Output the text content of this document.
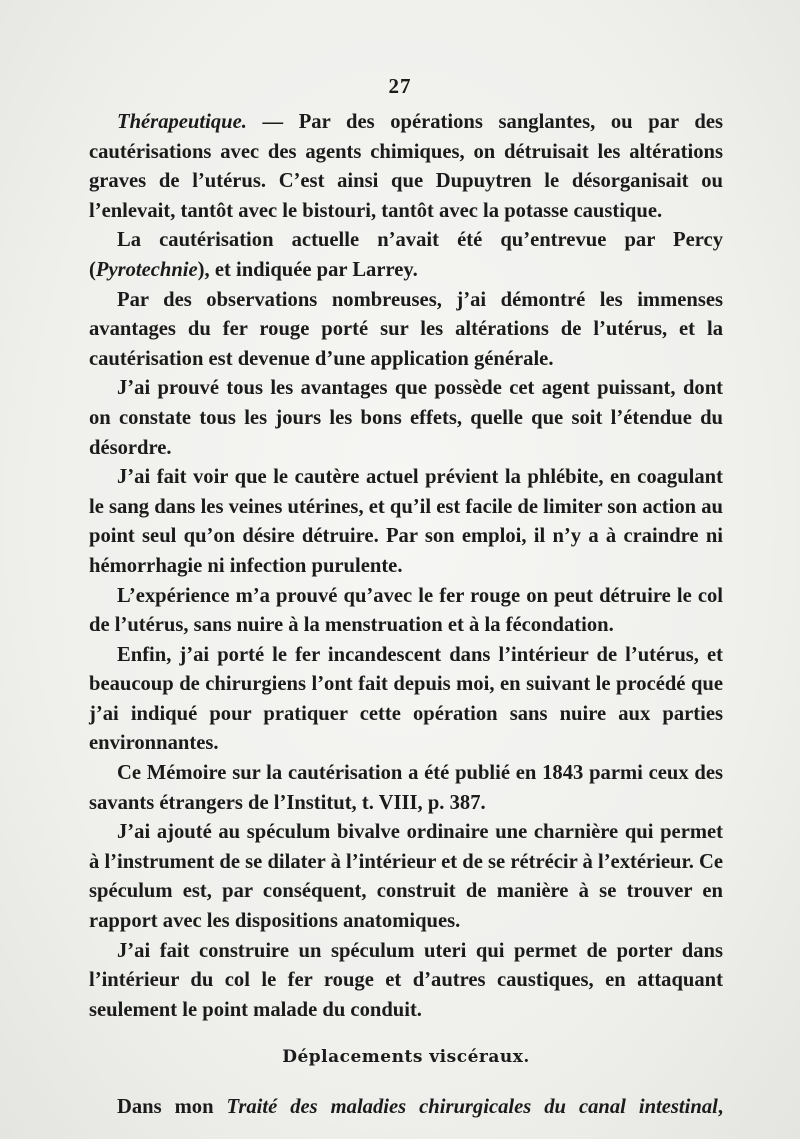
27

Thérapeutique. — Par des opérations sanglantes, ou par des cautérisations avec des agents chimiques, on détruisait les altérations graves de l’utérus. C’est ainsi que Dupuytren le désorganisait ou l’enlevait, tantôt avec le bistouri, tantôt avec la potasse caustique.

La cautérisation actuelle n’avait été qu’entrevue par Percy (Pyrotechnie), et indiquée par Larrey.

Par des observations nombreuses, j’ai démontré les immenses avantages du fer rouge porté sur les altérations de l’utérus, et la cautérisation est devenue d’une application générale.

J’ai prouvé tous les avantages que possède cet agent puissant, dont on constate tous les jours les bons effets, quelle que soit l’étendue du désordre.

J’ai fait voir que le cautère actuel prévient la phlébite, en coagulant le sang dans les veines utérines, et qu’il est facile de limiter son action au point seul qu’on désire détruire. Par son emploi, il n’y a à craindre ni hémorrhagie ni infection purulente.

L’expérience m’a prouvé qu’avec le fer rouge on peut détruire le col de l’utérus, sans nuire à la menstruation et à la fécondation.

Enfin, j’ai porté le fer incandescent dans l’intérieur de l’utérus, et beaucoup de chirurgiens l’ont fait depuis moi, en suivant le procédé que j’ai indiqué pour pratiquer cette opération sans nuire aux parties environnantes.

Ce Mémoire sur la cautérisation a été publié en 1843 parmi ceux des savants étrangers de l’Institut, t. VIII, p. 387.

J’ai ajouté au spéculum bivalve ordinaire une charnière qui permet à l’instrument de se dilater à l’intérieur et de se rétrécir à l’extérieur. Ce spéculum est, par conséquent, construit de manière à se trouver en rapport avec les dispositions anatomiques.

J’ai fait construire un spéculum uteri qui permet de porter dans l’intérieur du col le fer rouge et d’autres caustiques, en attaquant seulement le point malade du conduit.

Déplacements viscéraux.

Dans mon Traité des maladies chirurgicales du canal intestinal,
